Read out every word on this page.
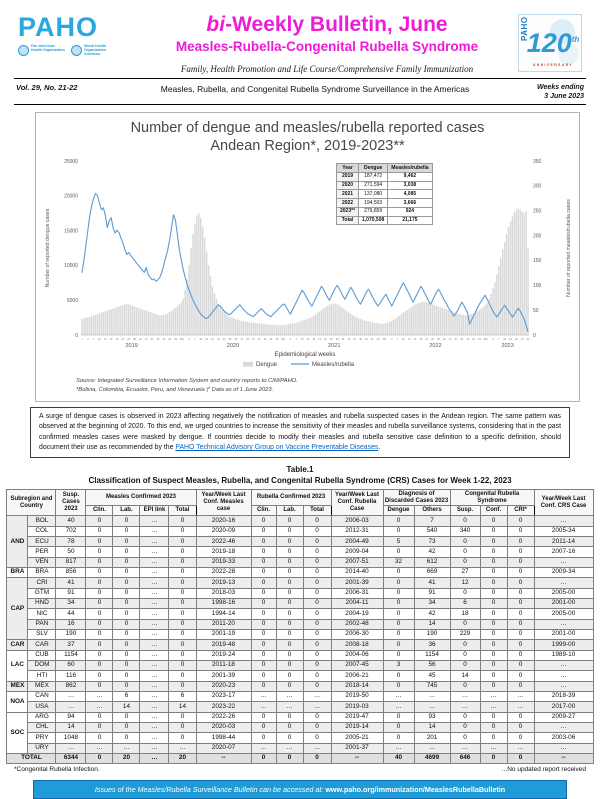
PAHO
Pan American Health Organization
World Health Organization Americas
bi-Weekly Bulletin, June
Measles-Rubella-Congenital Rubella Syndrome
Family, Health Promotion and Life Course/Comprehensive Family Immunization
PAHO
120th
ANNIVERSARY
Vol. 29, No. 21-22	Measles, Rubella, and Congenital Rubella Syndrome Surveillance in the Americas	Weeks ending
3 June 2023
Number of dengue and measles/rubella reported cases
Andean Region*, 2019-2023**
0
5000
10000
15000
20000
25000
0
50
100
150
200
250
300
350
1 4 7 10 13 16 19 22 25 28 31 34 37 40 43 46 49 52
2019
1 4 7 10 13 16 19 22 25 28 31 34 37 40 43 46 49 52
2020
1 4 7 10 13 16 19 22 25 28 31 34 37 40 43 46 49 52
2021
1 4 7 10 13 16 19 22 25 28 31 34 37 40 43 46 49 52
2022
1 4 7 10 13 16 19 22
2023
Epidemiological weeks
Number of reported dengue cases	Number of reported measles/rubella cases
Dengue	Measles/rubella
Year	Dengue	Measles/rubella
2019	187,472	9,462
2020	271,594	3,038
2021	137,080	4,085
2022	194,503	3,666
2023**	279,859	924
Total	1,070,508	21,175
Source: Integrated Surveillance Information System and country reports to CIM/PAHO.
*Bolivia, Colombia, Ecuador, Peru, and Venezuela |* Data as of 1 June 2023.
A surge of dengue cases is observed in 2023 affecting negatively the notification of measles and rubella suspected cases in the Andean region. The same pattern was observed at the beginning of 2020. To this end, we urged countries to increase the sensitivity of their measles and rubella surveillance systems, considering that in the past confirmed measles cases were masked by dengue. If countries decide to modify their measles and rubella sensitive case definition to a specific definition, should document their use as recommended by the PAHO Technical Advisory Group on Vaccine Preventable Diseases.
Table.1
Classification of Suspect Measles, Rubella, and Congenital Rubella Syndrome (CRS) Cases for Week 1-22, 2023
Subregion and Country		Susp. Cases 2023	Measles Confirmed 2023				Year/Week Last Conf. Measles case	Rubella Confirmed 2023			Year/Week Last Conf. Rubella Case	Diagnosis of Discarded Cases 2023		Congenital Rubella Syndrome			Year/Week Last Conf. CRS Case
			Clin.	Lab.	EPI link	Total		Clin.	Lab.	Total		Dengue	Others	Susp.	Conf.	CRI*	
AND	BOL	40	0	0	…	0	2020-16	0	0	0	2006-03	0	7	0	0	0	…
	COL	702	0	0	…	0	2020-09	0	0	0	2012-31	0	540	340	0	0	2005-34
	ECU	78	0	0	…	0	2022-46	0	0	0	2004-49	5	73	0	0	0	2011-14
	PER	50	0	0	…	0	2019-18	0	0	0	2009-04	0	42	0	0	0	2007-16
	VEN	817	0	0	…	0	2019-33	0	0	0	2007-51	32	612	0	0	0	…
BRA	BRA	856	0	0	…	0	2022-28	0	0	0	2014-40	0	669	27	0	0	2009-34
CAP	CRI	41	0	0	…	0	2019-13	0	0	0	2001-39	0	41	12	0	0	…
	GTM	91	0	0	…	0	2018-03	0	0	0	2006-31	0	91	0	0	0	2005-00
	HND	34	0	0	…	0	1998-16	0	0	0	2004-11	0	34	6	0	0	2001-00
	NIC	44	0	0	…	0	1994-14	0	0	0	2004-19	0	42	18	0	0	2005-00
	PAN	16	0	0	…	0	2011-20	0	0	0	2002-48	0	14	0	0	0	…
	SLV	190	0	0	…	0	2001-19	0	0	0	2006-30	0	190	229	0	0	2001-00
CAR	CAR	37	0	0	…	0	2019-48	0	0	0	2008-18	0	36	0	0	0	1999-00
LAC	CUB	1154	0	0	…	0	2019-24	0	0	0	2004-06	0	1154	0	0	0	1989-10
	DOM	60	0	0	…	0	2011-18	0	0	0	2007-45	3	56	0	0	0	…
	HTI	116	0	0	…	0	2001-39	0	0	0	2006-21	0	45	14	0	0	…
MEX	MEX	862	0	0	…	0	2020-23	0	0	0	2018-14	0	745	0	0	0	…
NOA	CAN	…	…	6	…	6	2023-17	…	…	…	2019-50	…	…	…	…	…	2018-39
	USA	…	…	14	…	14	2023-22	…	…	…	2019-03	…	…	…	…	…	2017-00
SOC	ARG	94	0	0	…	0	2022-26	0	0	0	2019-47	0	93	0	0	0	2009-27
	CHL	14	0	0	…	0	2020-03	0	0	0	2019-14	0	14	0	0	0	…
	PRY	1048	0	0	…	0	1998-44	0	0	0	2005-21	0	201	0	0	0	2003-06
	URY	…	…	…	…	…	2020-07	…	…	…	2001-37	…	…	…	…	…	…
TOTAL		6344	0	20	…	20	--	0	0	0	--	40	4699	646	0	0	--
*Congenital Rubella Infection.	...No updated report received
Issues of the Measles/Rubella Surveillance Bulletin can be accessed at: www.paho.org/immunization/MeaslesRubellaBulletin
